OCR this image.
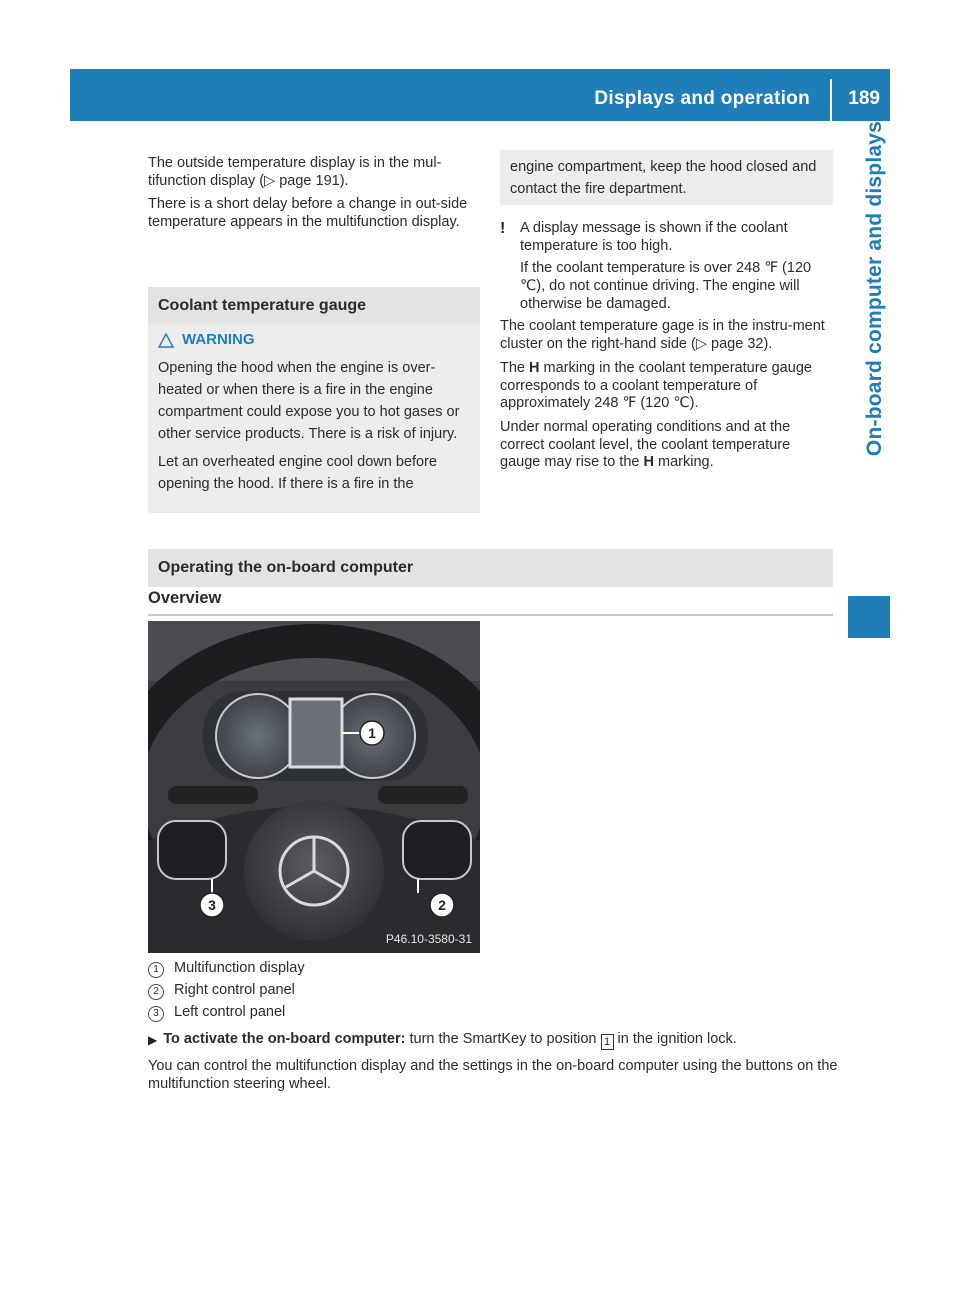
Displays and operation 189
On-board computer and displays

The outside temperature display is in the mul-tifunction display (▷ page 191).

There is a short delay before a change in out-side temperature appears in the multifunction display.

Coolant temperature gauge
WARNING

Opening the hood when the engine is over-heated or when there is a fire in the engine compartment could expose you to hot gases or other service products. There is a risk of injury.

Let an overheated engine cool down before opening the hood. If there is a fire in the

engine compartment, keep the hood closed and contact the fire department.

!	A display message is shown if the coolant temperature is too high.

If the coolant temperature is over 248 ℉ (120 ℃), do not continue driving. The engine will otherwise be damaged.

The coolant temperature gage is in the instru-ment cluster on the right-hand side (▷ page 32).

The H marking in the coolant temperature gauge corresponds to a coolant temperature of approximately 248 ℉ (120 ℃).

Under normal operating conditions and at the correct coolant level, the coolant temperature gauge may rise to the H marking.

Operating the on-board computer
Overview
1
2
3
P46.10-3580-31
1	Multifunction display
2	Right control panel
3	Left control panel
▶ To activate the on-board computer: turn the SmartKey to position 1 in the ignition lock.

You can control the multifunction display and the settings in the on-board computer using the buttons on the multifunction steering wheel.
